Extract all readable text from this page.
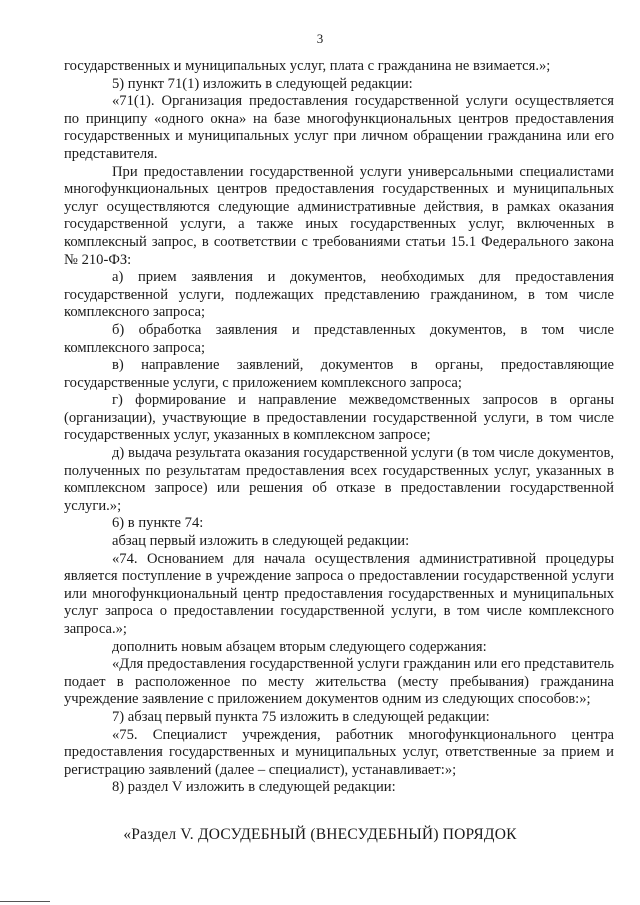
3

государственных и муниципальных услуг, плата с гражданина не взимается.»;

5) пункт 71(1) изложить в следующей редакции:

«71(1). Организация предоставления государственной услуги осуществляется по принципу «одного окна» на базе многофункциональных центров предоставления государственных и муниципальных услуг при личном обращении гражданина или его представителя.

При предоставлении государственной услуги универсальными специалистами многофункциональных центров предоставления государственных и муниципальных услуг осуществляются следующие административные действия, в рамках оказания государственной услуги, а также иных государственных услуг, включенных в комплексный запрос, в соответствии с требованиями статьи 15.1 Федерального закона № 210-ФЗ:

а) прием заявления и документов, необходимых для предоставления государственной услуги, подлежащих представлению гражданином, в том числе комплексного запроса;

б) обработка заявления и представленных документов, в том числе комплексного запроса;

в) направление заявлений, документов в органы, предоставляющие государственные услуги, с приложением комплексного запроса;

г) формирование и направление межведомственных запросов в органы (организации), участвующие в предоставлении государственной услуги, в том числе государственных услуг, указанных в комплексном запросе;

д) выдача результата оказания государственной услуги (в том числе документов, полученных по результатам предоставления всех государственных услуг, указанных в комплексном запросе) или решения об отказе в предоставлении государственной услуги.»;

6) в пункте 74:

абзац первый изложить в следующей редакции:

«74. Основанием для начала осуществления административной процедуры является поступление в учреждение запроса о предоставлении государственной услуги или многофункциональный центр предоставления государственных и муниципальных услуг запроса о предоставлении государственной услуги, в том числе комплексного запроса.»;

дополнить новым абзацем вторым следующего содержания:

«Для предоставления государственной услуги гражданин или его представитель подает в расположенное по месту жительства (месту пребывания) гражданина учреждение заявление с приложением документов одним из следующих способов:»;

7) абзац первый пункта 75 изложить в следующей редакции:

«75. Специалист учреждения, работник многофункционального центра предоставления государственных и муниципальных услуг, ответственные за прием и регистрацию заявлений (далее – специалист), устанавливает:»;

8) раздел V изложить в следующей редакции:

«Раздел V. ДОСУДЕБНЫЙ (ВНЕСУДЕБНЫЙ) ПОРЯДОК
